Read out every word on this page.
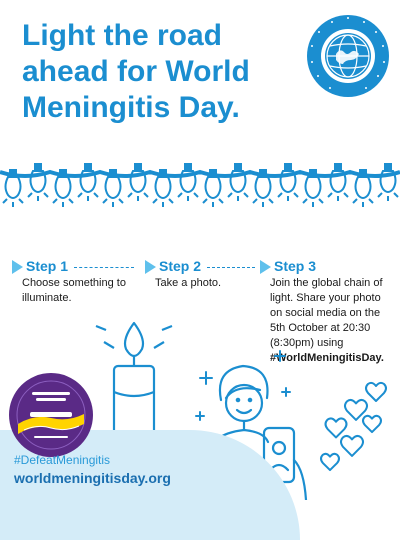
Light the road
ahead for World
Meningitis Day.
Step 1
Choose something to illuminate.
Step 2
Take a photo.
Step 3
Join the global chain of light. Share your photo on social media on the 5th October at 20:30 (8:30pm) using #WorldMeningitisDay.
#DefeatMeningitis
worldmeningitisday.org
